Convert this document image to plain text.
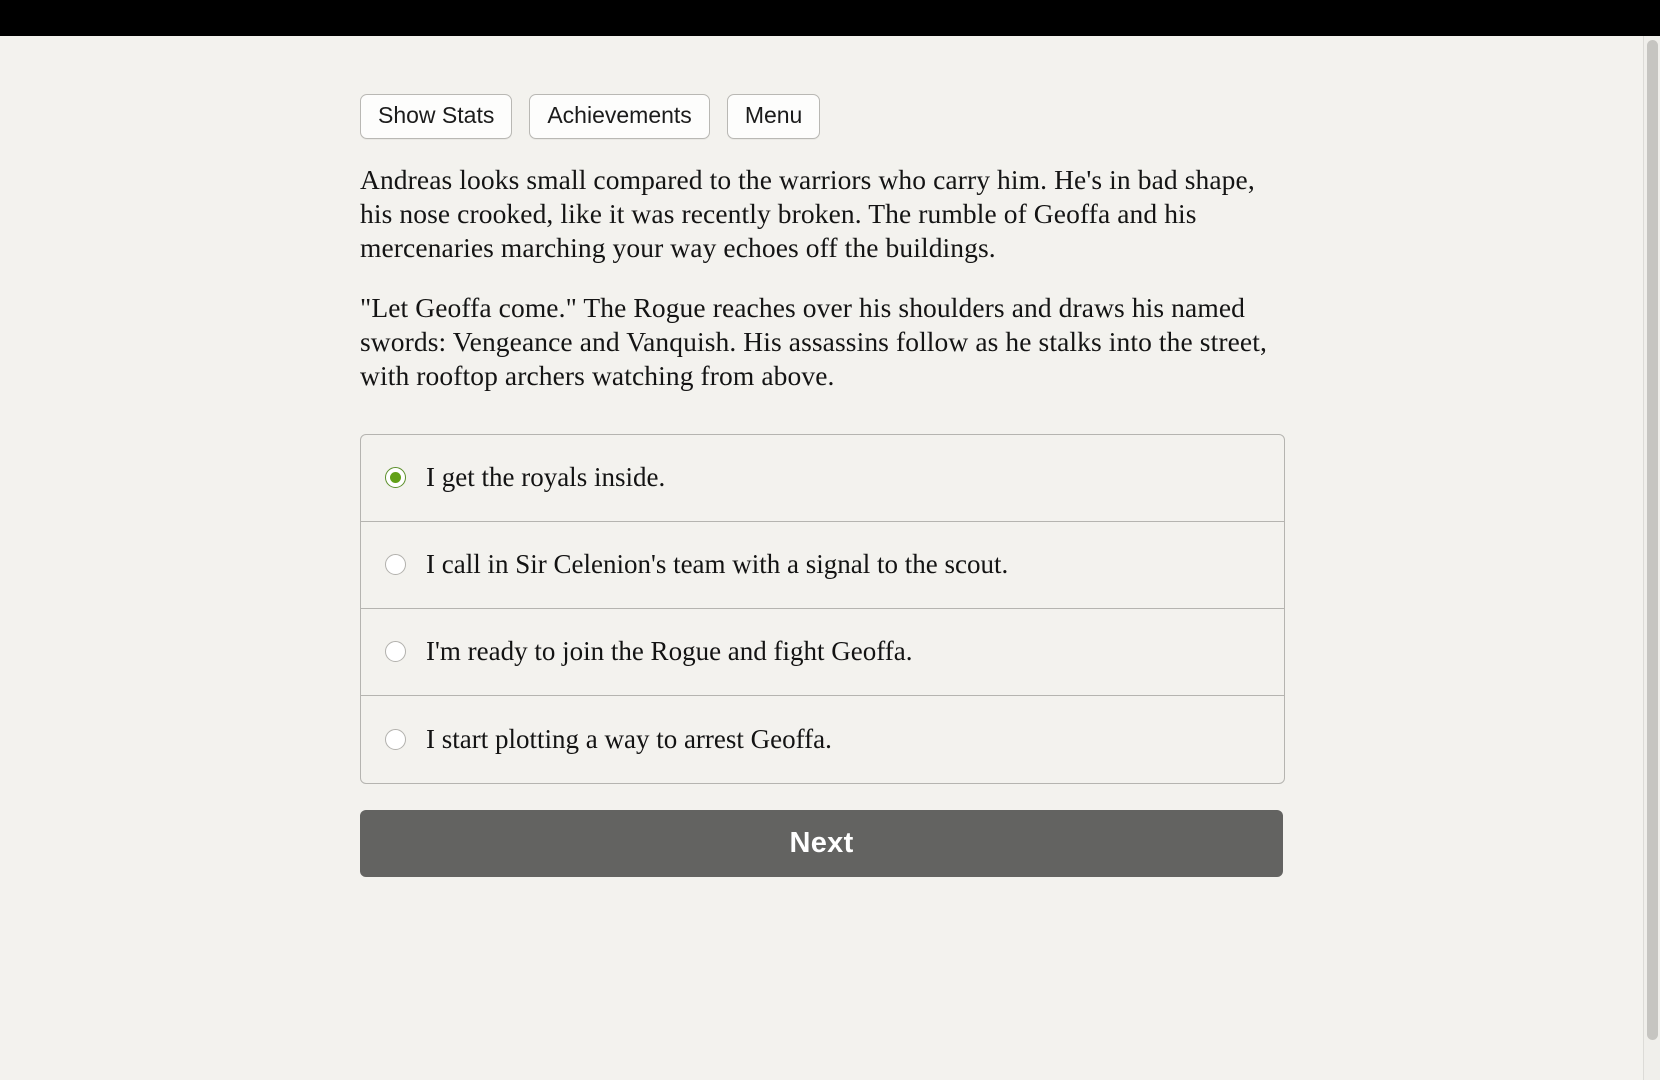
Show Stats	Achievements	Menu

Andreas looks small compared to the warriors who carry him. He's in bad shape, his nose crooked, like it was recently broken. The rumble of Geoffa and his mercenaries marching your way echoes off the buildings.

"Let Geoffa come." The Rogue reaches over his shoulders and draws his named swords: Vengeance and Vanquish. His assassins follow as he stalks into the street, with rooftop archers watching from above.

I get the royals inside.
I call in Sir Celenion's team with a signal to the scout.
I'm ready to join the Rogue and fight Geoffa.
I start plotting a way to arrest Geoffa.
Next
